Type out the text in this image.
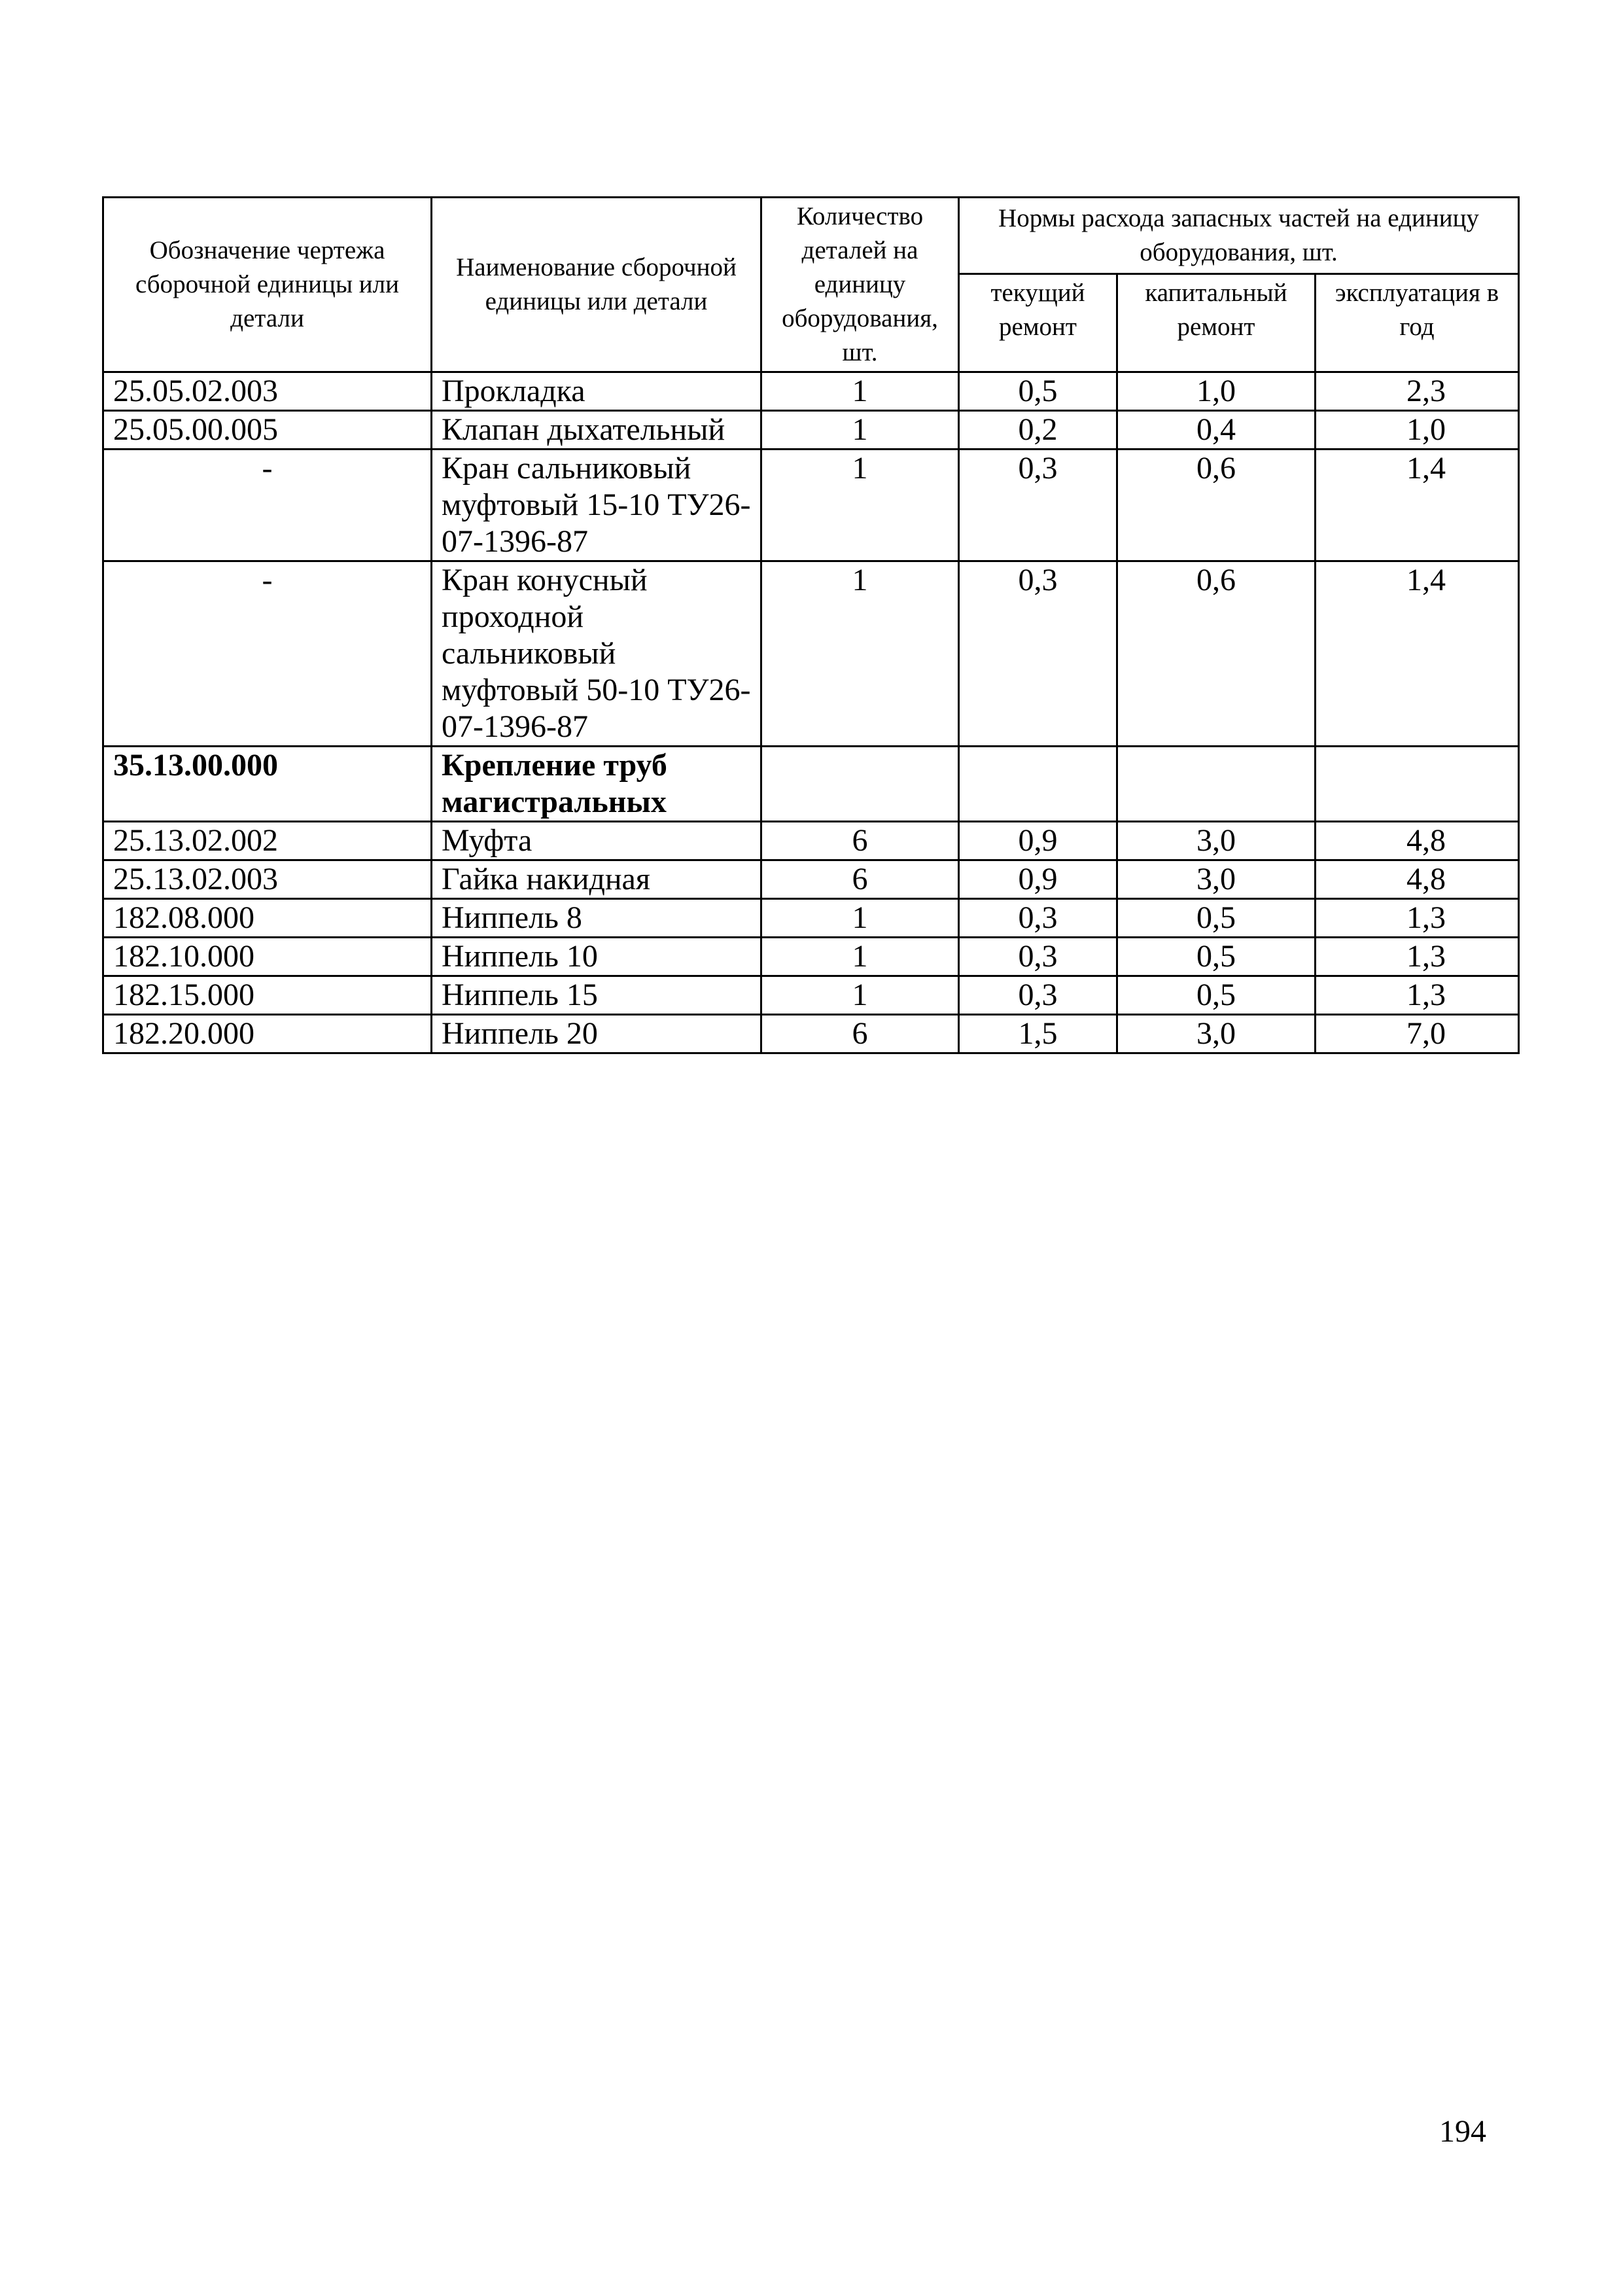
Обозначение чертежа сборочной единицы или детали	Наименование сборочной единицы или детали	Количество деталей на единицу оборудования, шт.	Нормы расхода запасных частей на единицу оборудования, шт.		
			текущий ремонт	капитальный ремонт	эксплуатация в год
25.05.02.003	Прокладка	1	0,5	1,0	2,3
25.05.00.005	Клапан дыхательный	1	0,2	0,4	1,0
-	Кран сальниковый муфтовый 15-10 ТУ26-07-1396-87	1	0,3	0,6	1,4
-	Кран конусный проходной сальниковый муфтовый 50-10 ТУ26-07-1396-87	1	0,3	0,6	1,4
35.13.00.000	Крепление труб магистральных				
25.13.02.002	Муфта	6	0,9	3,0	4,8
25.13.02.003	Гайка накидная	6	0,9	3,0	4,8
182.08.000	Ниппель 8	1	0,3	0,5	1,3
182.10.000	Ниппель 10	1	0,3	0,5	1,3
182.15.000	Ниппель 15	1	0,3	0,5	1,3
182.20.000	Ниппель 20	6	1,5	3,0	7,0
194
